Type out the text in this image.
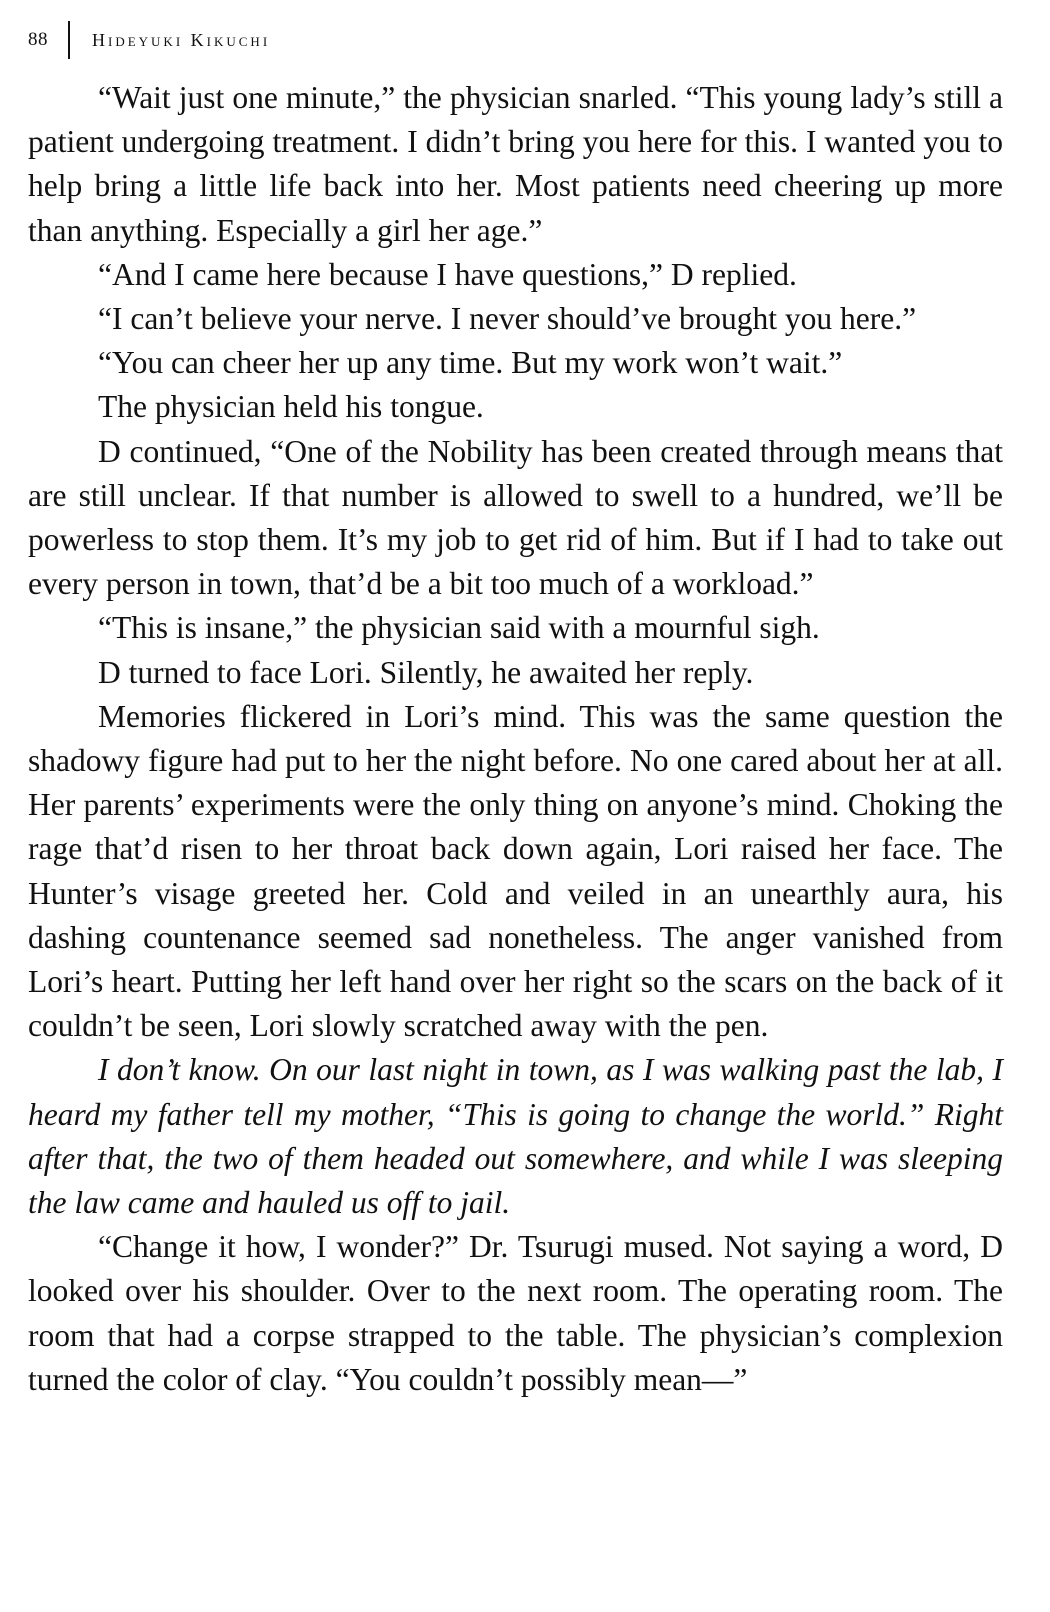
88 Hideyuki Kikuchi

“Wait just one minute,” the physician snarled. “This young lady’s still a patient undergoing treatment. I didn’t bring you here for this. I wanted you to help bring a little life back into her. Most patients need cheering up more than anything. Especially a girl her age.”

“And I came here because I have questions,” D replied.

“I can’t believe your nerve. I never should’ve brought you here.”

“You can cheer her up any time. But my work won’t wait.”

The physician held his tongue.

D continued, “One of the Nobility has been created through means that are still unclear. If that number is allowed to swell to a hundred, we’ll be powerless to stop them. It’s my job to get rid of him. But if I had to take out every person in town, that’d be a bit too much of a workload.”

“This is insane,” the physician said with a mournful sigh.

D turned to face Lori. Silently, he awaited her reply.

Memories flickered in Lori’s mind. This was the same question the shadowy figure had put to her the night before. No one cared about her at all. Her parents’ experiments were the only thing on anyone’s mind. Choking the rage that’d risen to her throat back down again, Lori raised her face. The Hunter’s visage greeted her. Cold and veiled in an unearthly aura, his dashing countenance seemed sad nonetheless. The anger vanished from Lori’s heart. Putting her left hand over her right so the scars on the back of it couldn’t be seen, Lori slowly scratched away with the pen.

I don’t know. On our last night in town, as I was walking past the lab, I heard my father tell my mother, “This is going to change the world.” Right after that, the two of them headed out somewhere, and while I was sleeping the law came and hauled us off to jail.

“Change it how, I wonder?” Dr. Tsurugi mused. Not saying a word, D looked over his shoulder. Over to the next room. The operating room. The room that had a corpse strapped to the table. The physician’s complexion turned the color of clay. “You couldn’t possibly mean—”
